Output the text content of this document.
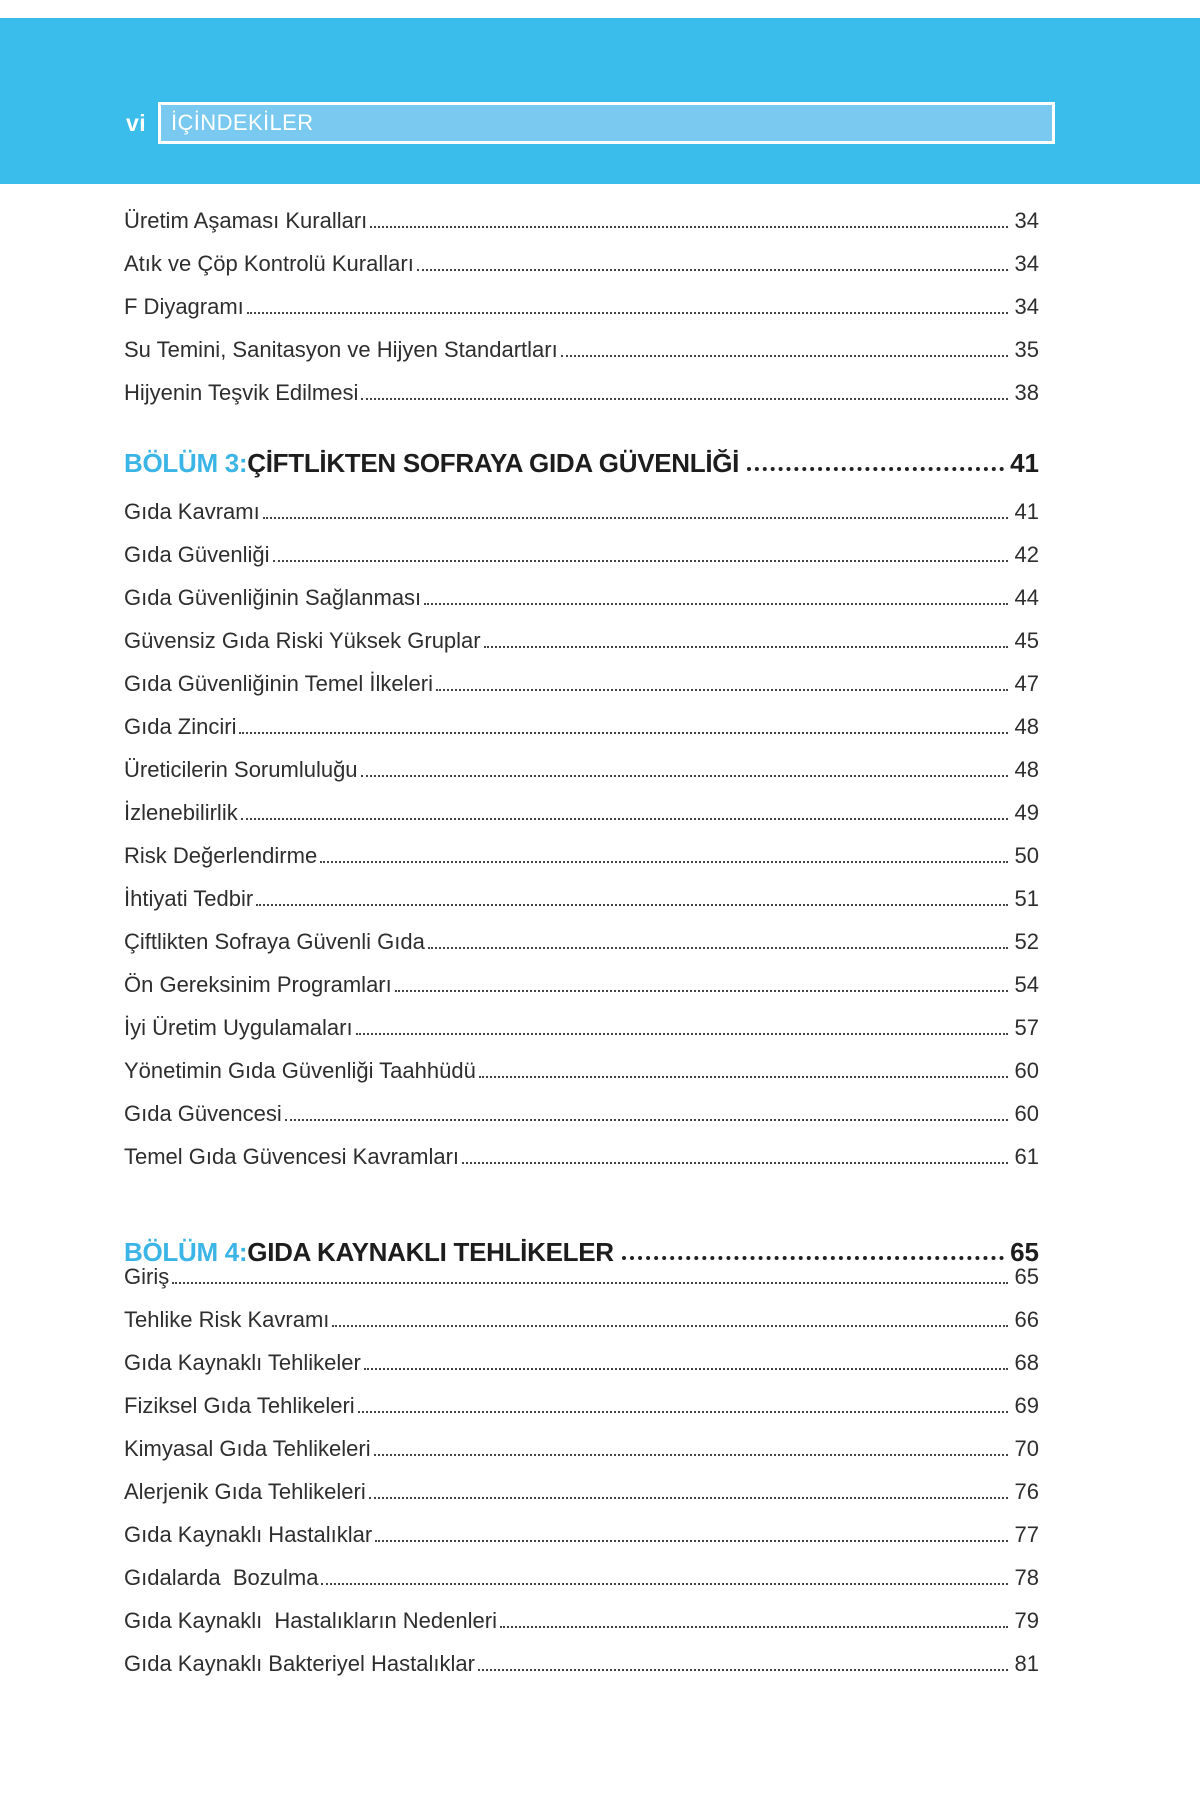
vi	İÇİNDEKİLER
Üretim Aşaması Kuralları	34
Atık ve Çöp Kontrolü Kuralları	34
F Diyagramı	34
Su Temini, Sanitasyon ve Hijyen Standartları	35
Hijyenin Teşvik Edilmesi	38
BÖLÜM 3: ÇİFTLİKTEN SOFRAYA GIDA GÜVENLİĞİ	41
Gıda Kavramı	41
Gıda Güvenliği	42
Gıda Güvenliğinin Sağlanması	44
Güvensiz Gıda Riski Yüksek Gruplar	45
Gıda Güvenliğinin Temel İlkeleri	47
Gıda Zinciri	48
Üreticilerin Sorumluluğu	48
İzlenebilirlik	49
Risk Değerlendirme	50
İhtiyati Tedbir	51
Çiftlikten Sofraya Güvenli Gıda	52
Ön Gereksinim Programları	54
İyi Üretim Uygulamaları	57
Yönetimin Gıda Güvenliği Taahhüdü	60
Gıda Güvencesi	60
Temel Gıda Güvencesi Kavramları	61
BÖLÜM 4: GIDA KAYNAKLI TEHLİKELER	65
Giriş	65
Tehlike Risk Kavramı	66
Gıda Kaynaklı Tehlikeler	68
Fiziksel Gıda Tehlikeleri	69
Kimyasal Gıda Tehlikeleri	70
Alerjenik Gıda Tehlikeleri	76
Gıda Kaynaklı Hastalıklar	77
Gıdalarda  Bozulma	78
Gıda Kaynaklı  Hastalıkların Nedenleri	79
Gıda Kaynaklı Bakteriyel Hastalıklar	81
